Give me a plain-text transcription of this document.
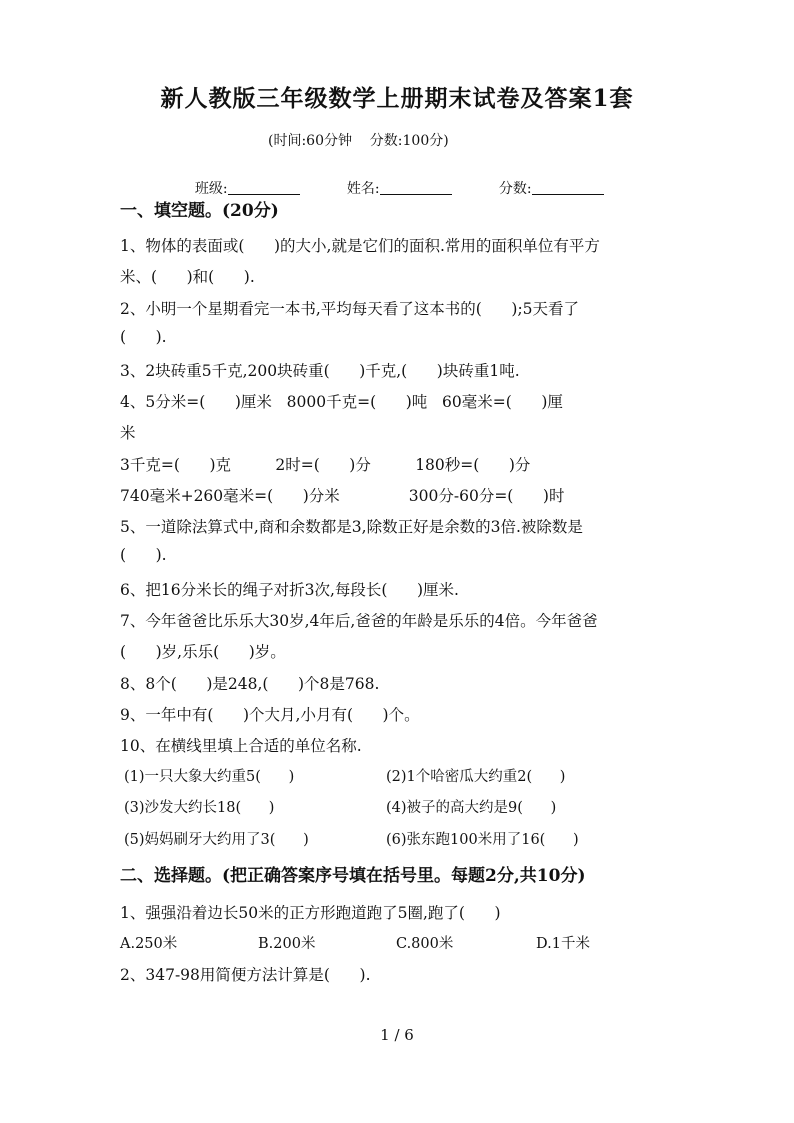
新人教版三年级数学上册期末试卷及答案1套
(时间:60分钟    分数:100分)

班级:	姓名:	分数:

一、填空题。(20分)
1、物体的表面或(      )的大小,就是它们的面积.常用的面积单位有平方
米、(      )和(      ).
2、小明一个星期看完一本书,平均每天看了这本书的(      );5天看了
(      ).
3、2块砖重5千克,200块砖重(      )千克,(      )块砖重1吨.
4、5分米=(      )厘米   8000千克=(      )吨   60毫米=(      )厘
米
3千克=(      )克         2时=(      )分         180秒=(      )分
740毫米+260毫米=(      )分米              300分-60分=(      )时
5、一道除法算式中,商和余数都是3,除数正好是余数的3倍.被除数是
(      ).
6、把16分米长的绳子对折3次,每段长(      )厘米.
7、今年爸爸比乐乐大30岁,4年后,爸爸的年龄是乐乐的4倍。今年爸爸
(      )岁,乐乐(      )岁。
8、8个(      )是248,(      )个8是768.
9、一年中有(      )个大月,小月有(      )个。
10、在横线里填上合适的单位名称.
(1)一只大象大约重5(      )	(2)1个哈密瓜大约重2(      )
(3)沙发大约长18(      )	(4)被子的高大约是9(      )
(5)妈妈刷牙大约用了3(      )	(6)张东跑100米用了16(      )
二、选择题。(把正确答案序号填在括号里。每题2分,共10分)
1、强强沿着边长50米的正方形跑道跑了5圈,跑了(      )
A.250米	B.200米	C.800米	D.1千米
2、347-98用简便方法计算是(      ).
1 / 6
